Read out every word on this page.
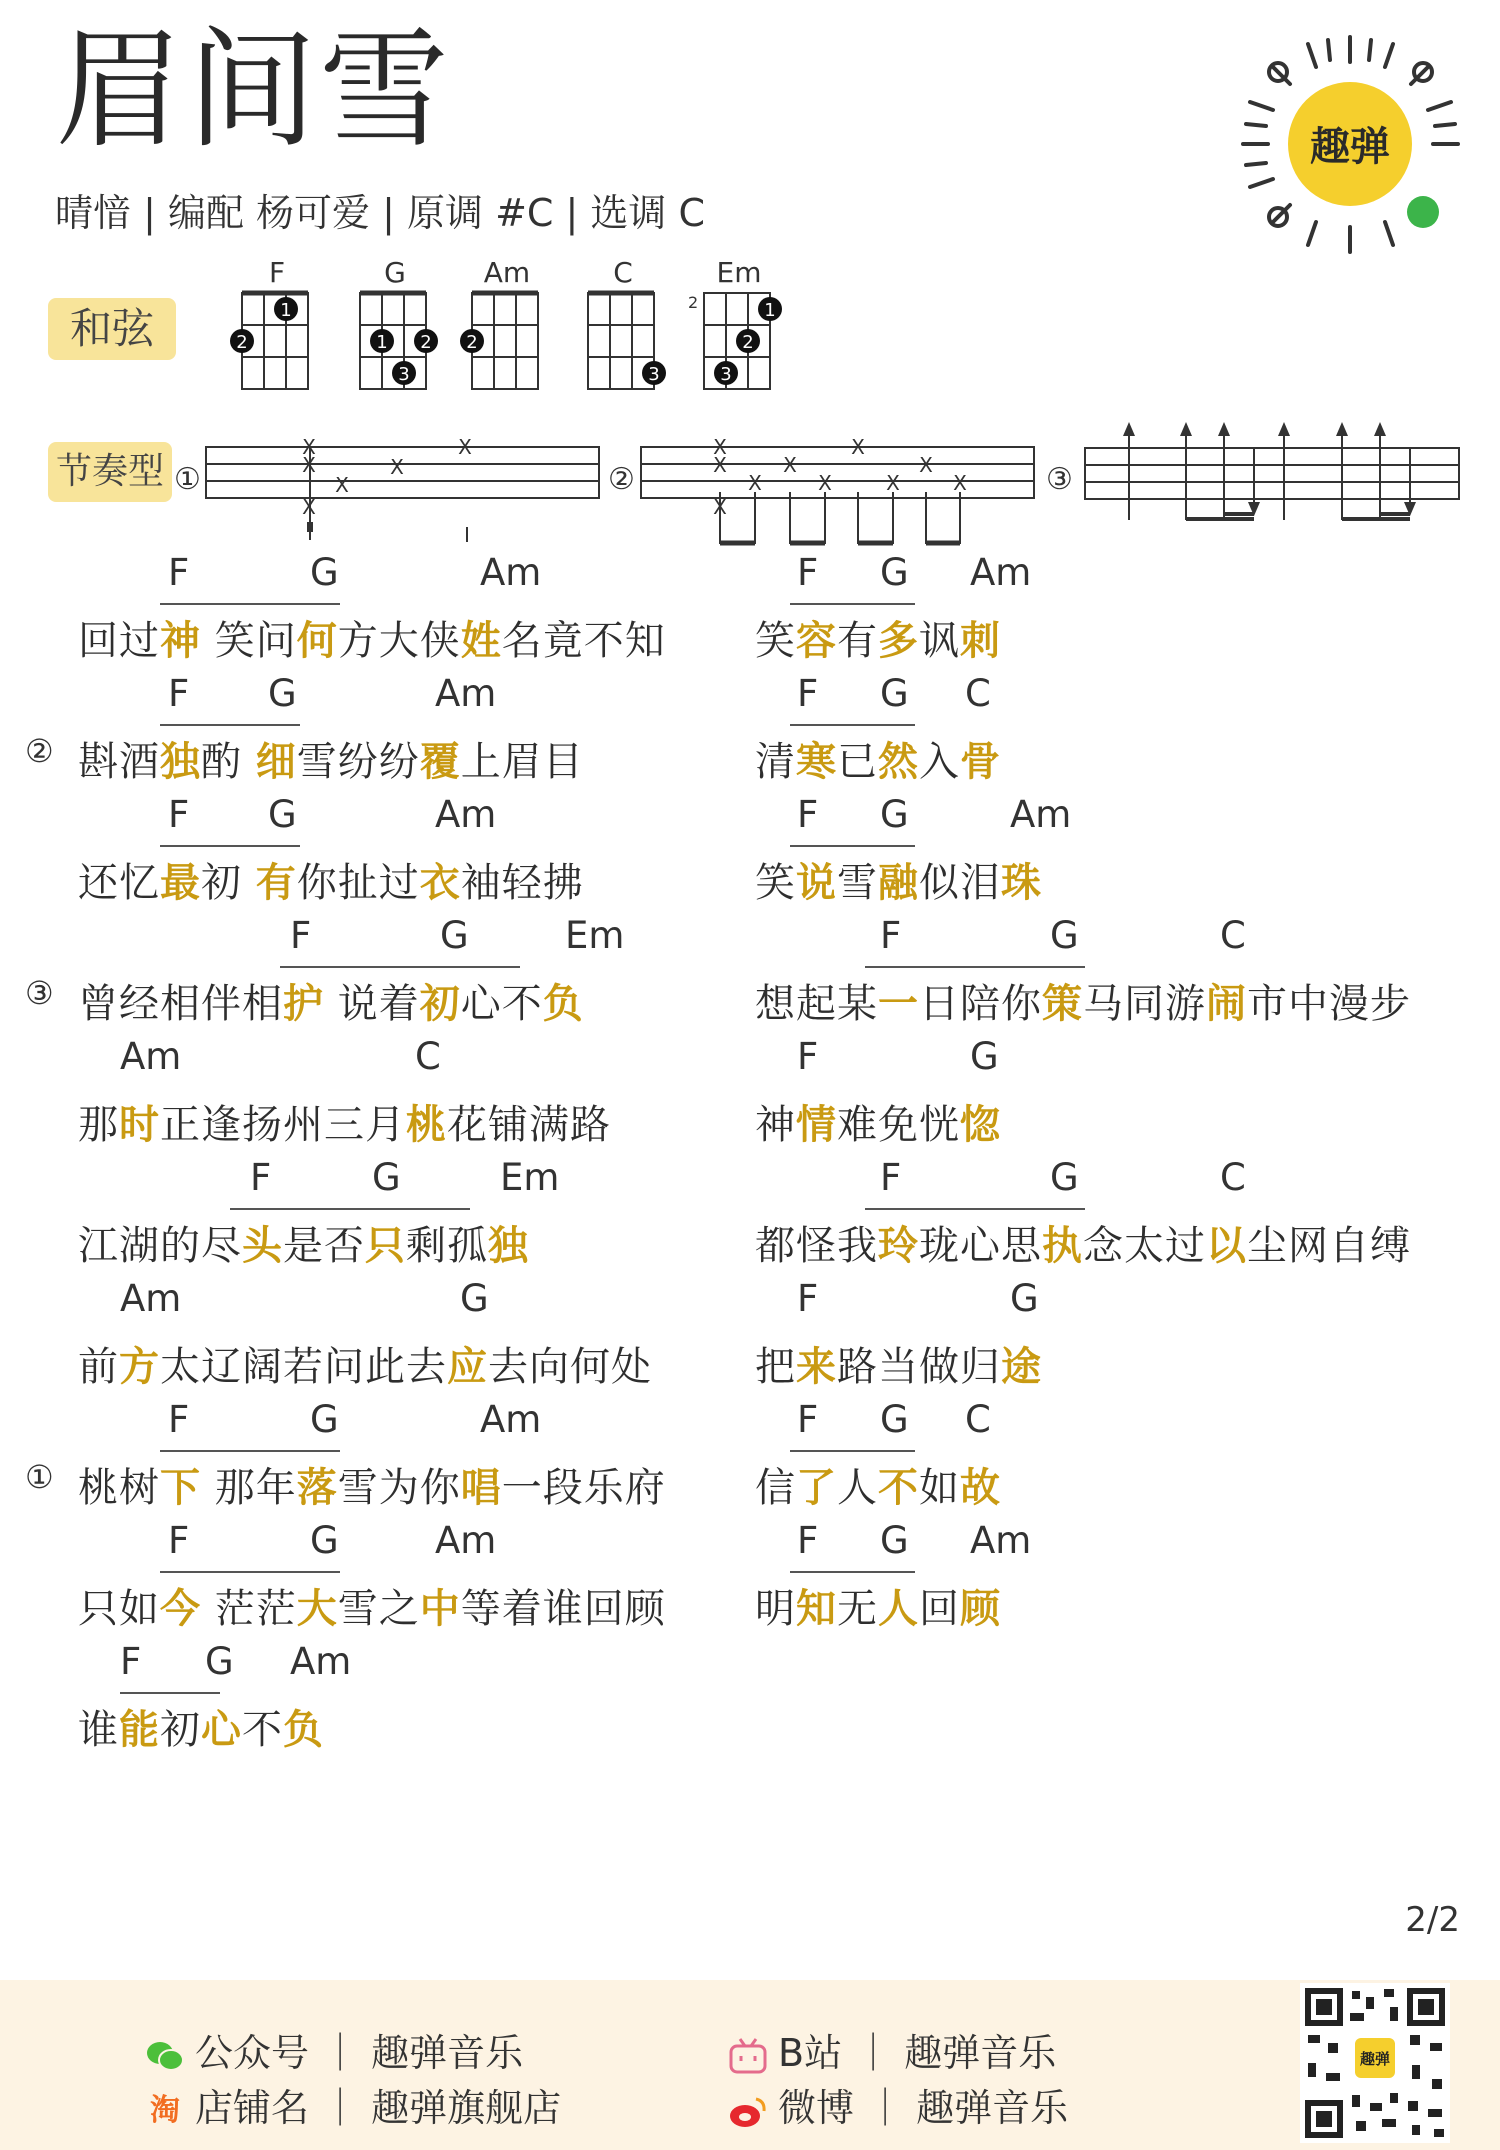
眉间雪
晴愔 | 编配 杨可爱 | 原调 #C | 选调 C
趣弹
和弦
节奏型
F
1
2
G
1 2
3
Am
2
C
3
Em
2	1
2
3
①
X
X
X
X
X
X
②
X
X
X
X
X
X
X
X
X
X	③
F	G	Am
回过神 笑问何方大侠姓名竟不知
②
F G	Am
斟酒独酌 细雪纷纷覆上眉目
F G	Am
还忆最初 有你扯过衣袖轻拂
③
F	G	Em
曾经相伴相护 说着初心不负
Am	C
那时正逢扬州三月桃花铺满路
F	G	Em
江湖的尽头是否只剩孤独
Am	G
前方太辽阔若问此去应去向何处
①
F	G	Am
桃树下 那年落雪为你唱一段乐府
F	G	Am
只如今 茫茫大雪之中等着谁回顾
F G Am
谁能初心不负
F G Am
笑容有多讽刺
F G C
清寒已然入骨
F G	Am
笑说雪融似泪珠
F	G	C
想起某一日陪你策马同游闹市中漫步
F	G
神情难免恍惚
F	G	C
都怪我玲珑心思执念太过以尘网自缚
F	G
把来路当做归途
F G C
信了人不如故
F G Am
明知无人回顾
2/2
公众号 ｜ 趣弹音乐
淘 店铺名 ｜ 趣弹旗舰店
B站 ｜ 趣弹音乐
微博 ｜ 趣弹音乐
趣弹
